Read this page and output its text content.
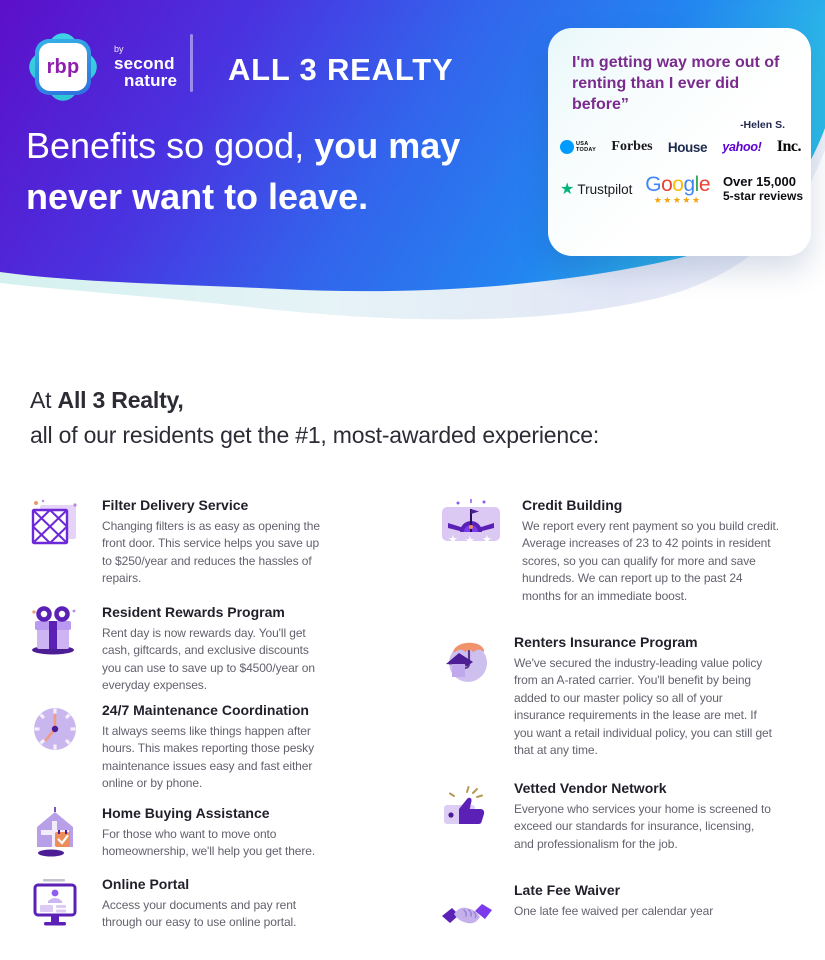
rbp
by
second
nature ALL 3 REALTY
Benefits so good, you may
never want to leave.
I'm getting way more out of renting than I ever did before”
-Helen S.
USA
TODAY Forbes House yahoo! Inc.
★ Trustpilot Google
★★★★★
Over 15,000
5-star reviews
At All 3 Realty,
all of our residents get the #1, most-awarded experience:
Filter Delivery Service
Changing filters is as easy as opening the front door. This service helps you save up to $250/year and reduces the hassles of repairs.
Resident Rewards Program
Rent day is now rewards day. You'll get cash, giftcards, and exclusive discounts you can use to save up to $4500/year on everyday expenses.
24/7 Maintenance Coordination
It always seems like things happen after hours. This makes reporting those pesky maintenance issues easy and fast either online or by phone.
Home Buying Assistance
For those who want to move onto homeownership, we'll help you get there.
Online Portal
Access your documents and pay rent through our easy to use online portal.
★ ★ ★
Credit Building
We report every rent payment so you build credit. Average increases of 23 to 42 points in resident scores, so you can qualify for more and save hundreds. We can report up to the past 24 months for an immediate boost.
Renters Insurance Program
We've secured the industry-leading value policy from an A-rated carrier. You'll benefit by being added to our master policy so all of your insurance requirements in the lease are met. If you want a retail individual policy, you can still get that at any time.
Vetted Vendor Network
Everyone who services your home is screened to exceed our standards for insurance, licensing, and professionalism for the job.
Late Fee Waiver
One late fee waived per calendar year
